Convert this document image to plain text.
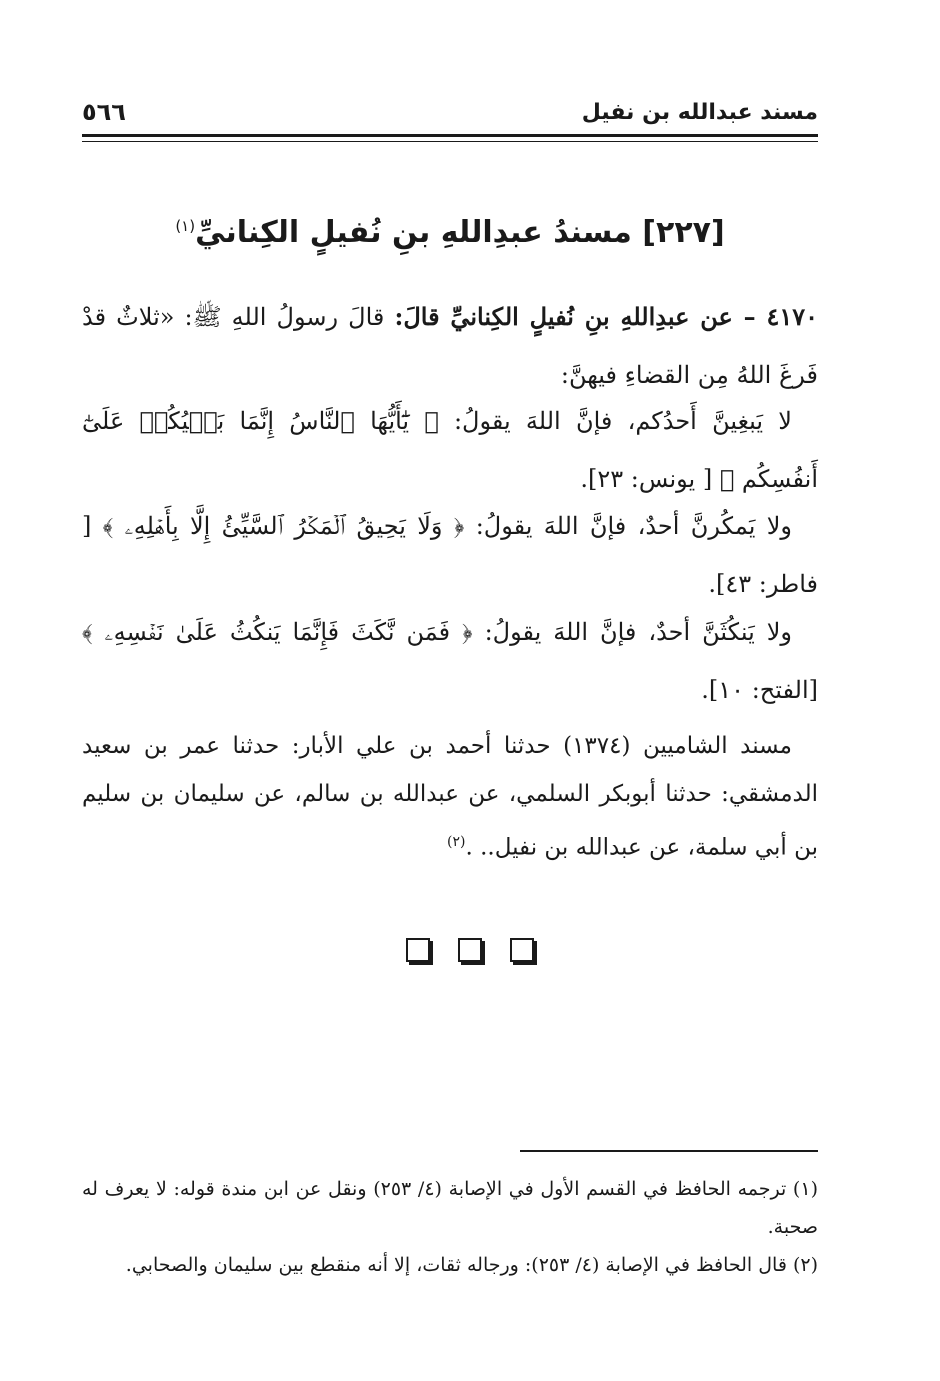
٥٦٦	مسند عبدالله بن نفيل
[٢٢٧] مسندُ عبدِاللهِ بنِ نُفيلٍ الكِنانيِّ$^{(١)}$
٤١٧٠ – عن عبدِاللهِ بنِ نُفيلٍ الكِنانيِّ قالَ: قالَ رسولُ اللهِ ﷺ: «ثلاثٌ قدْ فَرغَ اللهُ مِن القضاءِ فيهنَّ:
لا يَبغِينَّ أَحدُكم، فإنَّ اللهَ يقولُ: ﴿ يَٰٓأَيُّهَا ٱلنَّاسُ إِنَّمَا بَغۡيُكُمۡ عَلَىٰٓ أَنفُسِكُم ﴾ [ يونس: ٢٣].
ولا يَمكُرنَّ أحدٌ، فإنَّ اللهَ يقولُ: ﴿ وَلَا يَحِيقُ ٱلۡمَكۡرُ ٱلسَّيِّئُ إِلَّا بِأَهۡلِهِۦ ﴾ [ فاطر: ٤٣].
ولا يَنكُثَنَّ أحدٌ، فإنَّ اللهَ يقولُ: ﴿ فَمَن نَّكَثَ فَإِنَّمَا يَنكُثُ عَلَىٰ نَفۡسِهِۦ ﴾ [الفتح: ١٠].
مسند الشاميين (١٣٧٤) حدثنا أحمد بن علي الأبار: حدثنا عمر بن سعيد الدمشقي: حدثنا أبوبكر السلمي، عن عبدالله بن سالم، عن سليمان بن سليم بن أبي سلمة، عن عبدالله بن نفيل.. .$^{(٢)}$

(١) ترجمه الحافظ في القسم الأول في الإصابة (٤/ ٢٥٣) ونقل عن ابن مندة قوله: لا يعرف له صحبة.

(٢) قال الحافظ في الإصابة (٤/ ٢٥٣): ورجاله ثقات، إلا أنه منقطع بين سليمان والصحابي.
